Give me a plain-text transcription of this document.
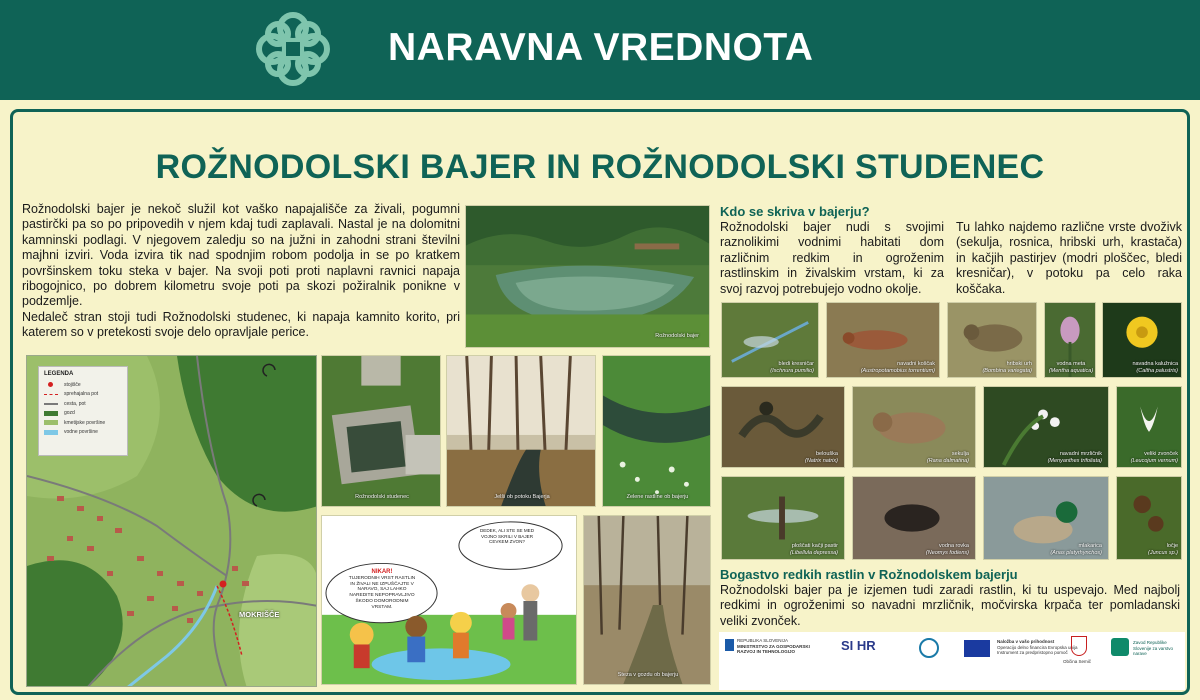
NARAVNA VREDNOTA
ROŽNODOLSKI BAJER IN ROŽNODOLSKI STUDENEC

Rožnodolski bajer je nekoč služil kot vaško napajališče za živali, pogumni pastirčki pa so po pripovedih v njem kdaj tudi zaplavali. Nastal je na dolomitni kamninski podlagi. V njegovem zaledju so na južni in zahodni strani številni majhni izviri. Voda izvira tik nad spodnjim robom podolja in se po kratkem površinskem toku steka v bajer. Na svoji poti proti naplavni ravnici napaja ribogojnico, po dobrem kilometru svoje poti pa skozi požiralnik ponikne v podzemlje.

Nedaleč stran stoji tudi Rožnodolski studenec, ki napaja kamnito korito, pri katerem so v pretekosti svoje delo opravljale perice.	Rožnodolski bajer
LEGENDA
stojišče
sprehajalna pot
cesta, pot
gozd
kmetijske površine
vodne površine
MOKRIŠČE
Rožnodolski studenec	Jelši ob potoku Bajerja	Zelene rastline ob bajerju
NIKAR!
TUJERODNIH VRST RASTLIN IN ŽIVALI NE IZPUŠČAJTE V NARAVO, SAJ LAHKO NAREDITE NEPOPRAVLJIVO ŠKODO DOMORODNIM VRSTAM.
DEDEK, ALI STE SE MED VOJNO SKRILI V BAJER CEVKEM ZVON?
Steza v gozdu ob bajerju
Kdo se skriva v bajerju?
Rožnodolski bajer nudi s svojimi raznolikimi vodnimi habitati dom različnim redkim in ogroženim rastlinskim in živalskim vrstam, ki za svoj razvoj potrebujejo vodno okolje.
Tu lahko najdemo različne vrste dvoživk (sekulja, rosnica, hribski urh, krastača) in kačjih pastirjev (modri ploščec, bledi kresničar), v potoku pa celo raka koščaka.
bledi kresničar
(Ischnura pumilio)
navadni koščak
(Austropotamobius torrentium)
hribski urh
(Bombina variegata)
vodna meta
(Mentha aquatica)
navadna kalužnica
(Caltha palustris)
belouška
(Natrix natrix)
sekulja
(Rana dalmatina)
navadni mrzličnik
(Menyanthes trifoliata)
veliki zvonček
(Leucojum vernum)
ploščati kačji pastir
(Libellula depressa)
vodna rovka
(Neomys fodiens)
mlakarica
(Anas platyrhynchos)
ločje
(Juncus sp.)
Bogastvo redkih rastlin v Rožnodolskem bajerju
Rožnodolski bajer pa je izjemen tudi zaradi rastlin, ki tu uspevajo. Med najbolj redkimi in ogroženimi so navadni mrzličnik, močvirska krpača ter pomladanski veliki zvonček.
REPUBLIKA SLOVENIJA
MINISTRSTVO ZA GOSPODARSKI
RAZVOJ IN TEHNOLOGIJO	SI HR	Naložba v vašo prihodnost
Operacijo delno financira Evropska unija
Instrument za predpristopno pomoč
Občina Semič
Zavod Republike Slovenije za varstvo narave
